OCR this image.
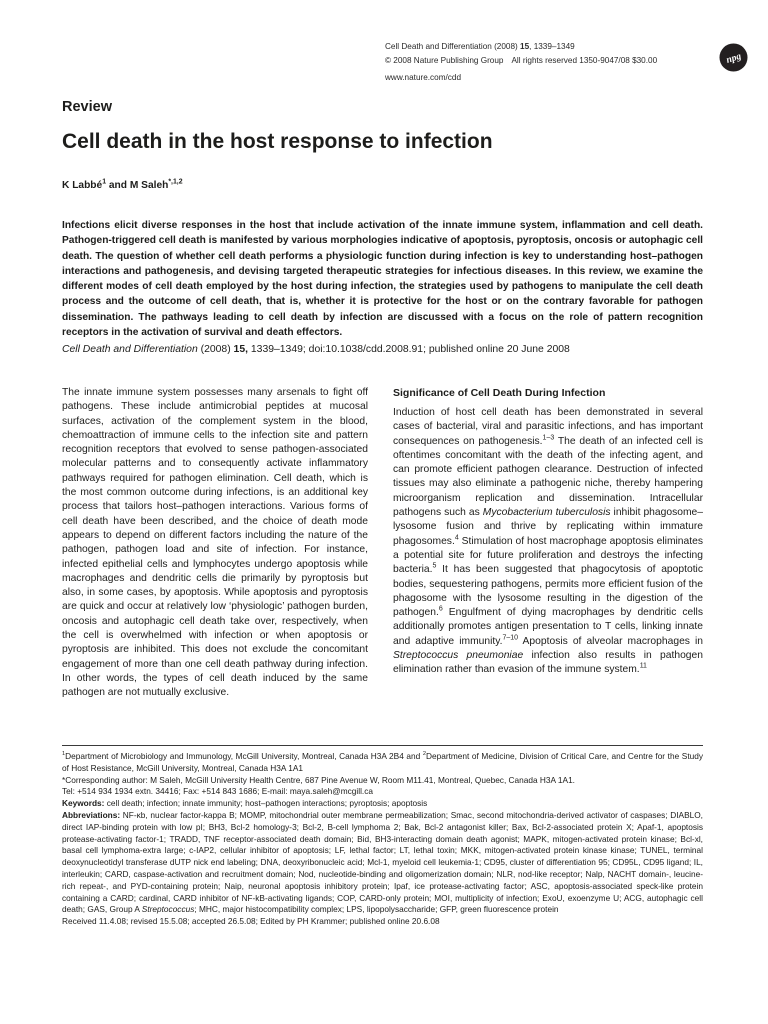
Cell Death and Differentiation (2008) 15, 1339–1349
© 2008 Nature Publishing Group All rights reserved 1350-9047/08 $30.00
www.nature.com/cdd
npg
Review
Cell death in the host response to infection
K Labbé$^1$ and M Saleh$^{*,1,2}$

Infections elicit diverse responses in the host that include activation of the innate immune system, inflammation and cell death. Pathogen-triggered cell death is manifested by various morphologies indicative of apoptosis, pyroptosis, oncosis or autophagic cell death. The question of whether cell death performs a physiologic function during infection is key to understanding host–pathogen interactions and pathogenesis, and devising targeted therapeutic strategies for infectious diseases. In this review, we examine the different modes of cell death employed by the host during infection, the strategies used by pathogens to manipulate the cell death process and the outcome of cell death, that is, whether it is protective for the host or on the contrary favorable for pathogen dissemination. The pathways leading to cell death by infection are discussed with a focus on the role of pattern recognition receptors in the activation of survival and death effectors.

Cell Death and Differentiation (2008) 15, 1339–1349; doi:10.1038/cdd.2008.91; published online 20 June 2008

The innate immune system possesses many arsenals to fight off pathogens. These include antimicrobial peptides at mucosal surfaces, activation of the complement system in the blood, chemoattraction of immune cells to the infection site and pattern recognition receptors that evolved to sense pathogen-associated molecular patterns and to consequently activate inflammatory pathways required for pathogen elimination. Cell death, which is the most common outcome during infections, is an additional key process that tailors host–pathogen interactions. Various forms of cell death have been described, and the choice of death mode appears to depend on different factors including the nature of the pathogen, pathogen load and site of infection. For instance, infected epithelial cells and lymphocytes undergo apoptosis while macrophages and dendritic cells die primarily by pyroptosis but also, in some cases, by apoptosis. While apoptosis and pyroptosis are quick and occur at relatively low ‘physiologic’ pathogen burden, oncosis and autophagic cell death take over, respectively, when the cell is overwhelmed with infection or when apoptosis or pyroptosis are inhibited. This does not exclude the concomitant engagement of more than one cell death pathway during infection. In other words, the types of cell death induced by the same pathogen are not mutually exclusive.

Significance of Cell Death During Infection

Induction of host cell death has been demonstrated in several cases of bacterial, viral and parasitic infections, and has important consequences on pathogenesis.$^{1-3}$ The death of an infected cell is oftentimes concomitant with the death of the infecting agent, and can promote efficient pathogen clearance. Destruction of infected tissues may also eliminate a pathogenic niche, thereby hampering microorganism replication and dissemination. Intracellular pathogens such as Mycobacterium tuberculosis inhibit phagosome–lysosome fusion and thrive by replicating within immature phagosomes.$^4$ Stimulation of host macrophage apoptosis eliminates a potential site for future proliferation and destroys the infecting bacteria.$^5$ It has been suggested that phagocytosis of apoptotic bodies, sequestering pathogens, permits more efficient fusion of the phagosome with the lysosome resulting in the digestion of the pathogen.$^6$ Engulfment of dying macrophages by dendritic cells additionally promotes antigen presentation to T cells, linking innate and adaptive immunity.$^{7-10}$ Apoptosis of alveolar macrophages in Streptococcus pneumoniae infection also results in pathogen elimination rather than evasion of the immune system.$^{11}$

$^1$Department of Microbiology and Immunology, McGill University, Montreal, Canada H3A 2B4 and $^2$Department of Medicine, Division of Critical Care, and Centre for the Study of Host Resistance, McGill University, Montreal, Canada H3A 1A1

*Corresponding author: M Saleh, McGill University Health Centre, 687 Pine Avenue W, Room M11.41, Montreal, Quebec, Canada H3A 1A1.

Tel: +514 934 1934 extn. 34416; Fax: +514 843 1686; E-mail: maya.saleh@mcgill.ca

Keywords: cell death; infection; innate immunity; host–pathogen interactions; pyroptosis; apoptosis

Abbreviations: NF-κb, nuclear factor-kappa B; MOMP, mitochondrial outer membrane permeabilization; Smac, second mitochondria-derived activator of caspases; DIABLO, direct IAP-binding protein with low pI; BH3, Bcl-2 homology-3; Bcl-2, B-cell lymphoma 2; Bak, Bcl-2 antagonist killer; Bax, Bcl-2-associated protein X; Apaf-1, apoptosis protease-activating factor-1; TRADD, TNF receptor-associated death domain; Bid, BH3-interacting domain death agonist; MAPK, mitogen-activated protein kinase; Bcl-xl, basal cell lymphoma-extra large; c-IAP2, cellular inhibitor of apoptosis; LF, lethal factor; LT, lethal toxin; MKK, mitogen-activated protein kinase kinase; TUNEL, terminal deoxynucleotidyl transferase dUTP nick end labeling; DNA, deoxyribonucleic acid; Mcl-1, myeloid cell leukemia-1; CD95, cluster of differentiation 95; CD95L, CD95 ligand; IL, interleukin; CARD, caspase-activation and recruitment domain; Nod, nucleotide-binding and oligomerization domain; NLR, nod-like receptor; Nalp, NACHT domain-, leucine-rich repeat-, and PYD-containing protein; Naip, neuronal apoptosis inhibitory protein; Ipaf, ice protease-activating factor; ASC, apoptosis-associated speck-like protein containing a CARD; cardinal, CARD inhibitor of NF-kB-activating ligands; COP, CARD-only protein; MOI, multiplicity of infection; ExoU, exoenzyme U; ACG, autophagic cell death; GAS, Group A Streptococcus; MHC, major histocompatibility complex; LPS, lipopolysaccharide; GFP, green fluorescence protein

Received 11.4.08; revised 15.5.08; accepted 26.5.08; Edited by PH Krammer; published online 20.6.08
